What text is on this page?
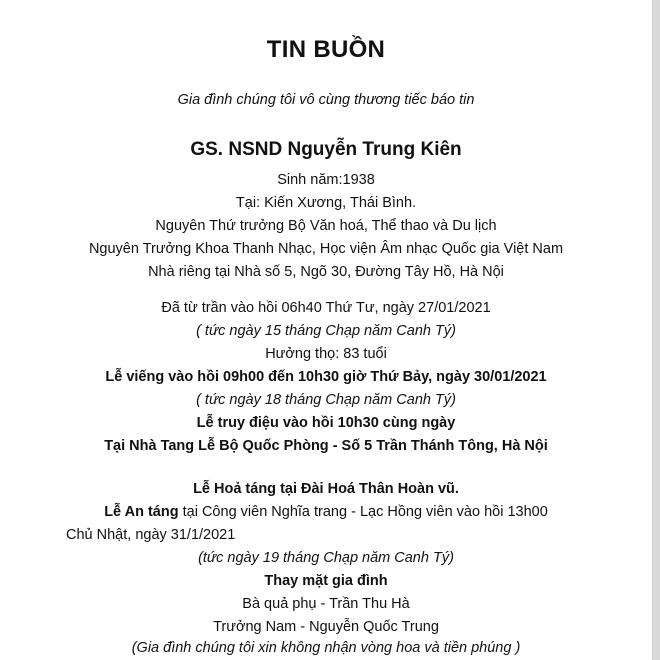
TIN BUỒN
Gia đình chúng tôi vô cùng thương tiếc báo tin
GS. NSND Nguyễn Trung Kiên
Sinh năm:1938
Tại: Kiến Xương, Thái Bình.
Nguyên Thứ trưởng Bộ Văn hoá, Thể thao và Du lịch
Nguyên Trưởng Khoa Thanh Nhạc, Học viện Âm nhạc Quốc gia Việt Nam
Nhà riêng tại Nhà số 5, Ngõ 30, Đường Tây Hồ, Hà Nội
Đã từ trần vào hồi 06h40 Thứ Tư, ngày 27/01/2021
( tức ngày 15 tháng Chạp năm Canh Tý)
Hưởng thọ: 83 tuổi
Lễ viếng vào hồi 09h00 đến 10h30 giờ Thứ Bảy, ngày 30/01/2021
( tức ngày 18 tháng Chạp năm Canh Tý)
Lễ truy điệu vào hồi 10h30 cùng ngày
Tại Nhà Tang Lễ Bộ Quốc Phòng - Số 5 Trần Thánh Tông, Hà Nội
Lễ Hoả táng tại Đài Hoá Thân Hoàn vũ.
Lễ An táng tại Công viên Nghĩa trang - Lạc Hồng viên vào hồi 13h00
Chủ Nhật, ngày 31/1/2021
(tức ngày 19 tháng Chạp năm Canh Tý)
Thay mặt gia đình
Bà quả phụ - Trần Thu Hà
Trưởng Nam - Nguyễn Quốc Trung
(Gia đình chúng tôi xin không nhận vòng hoa và tiền phúng )
